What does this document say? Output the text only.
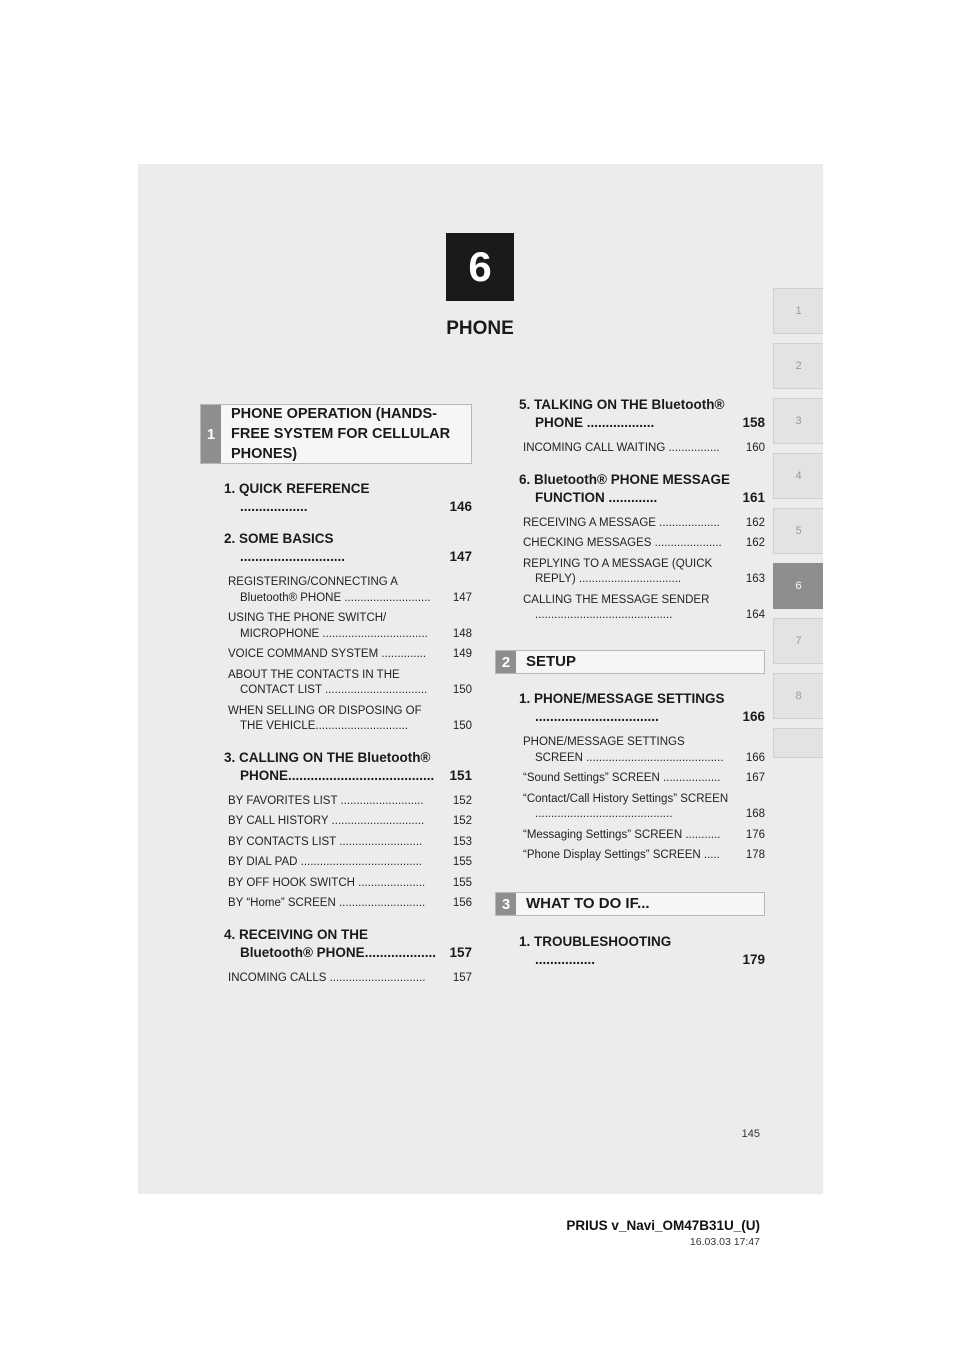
6
PHONE
1
2
3
4
5
6
7
8
1
PHONE OPERATION (HANDS-FREE SYSTEM FOR CELLULAR PHONES)
1. QUICK REFERENCE ..................	146
2. SOME BASICS ............................	147
REGISTERING/CONNECTING A Bluetooth® PHONE ........................... 147
USING THE PHONE SWITCH/ MICROPHONE ................................. 148
VOICE COMMAND SYSTEM .............. 149
ABOUT THE CONTACTS IN THE CONTACT LIST ................................ 150
WHEN SELLING OR DISPOSING OF THE VEHICLE.............................	150
3. CALLING ON THE Bluetooth® PHONE....................................... 151
BY FAVORITES LIST ..........................	152
BY CALL HISTORY ............................. 152
BY CONTACTS LIST ..........................	153
BY DIAL PAD ......................................	155
BY OFF HOOK SWITCH ..................... 155
BY “Home” SCREEN ........................... 156
4. RECEIVING ON THE Bluetooth® PHONE................... 157
INCOMING CALLS .............................. 157
5. TALKING ON THE Bluetooth® PHONE ..................	158
INCOMING CALL WAITING ................ 160
6. Bluetooth® PHONE MESSAGE FUNCTION .............	161
RECEIVING A MESSAGE ................... 162
CHECKING MESSAGES ..................... 162
REPLYING TO A MESSAGE (QUICK REPLY) ................................	163
CALLING THE MESSAGE SENDER ...........................................	164
2	SETUP
1. PHONE/MESSAGE SETTINGS .................................	166
PHONE/MESSAGE SETTINGS SCREEN ........................................... 166
“Sound Settings” SCREEN .................. 167
“Contact/Call History Settings” SCREEN ...........................................	168
“Messaging Settings” SCREEN ........... 176
“Phone Display Settings” SCREEN ..... 178
3	WHAT TO DO IF...
1. TROUBLESHOOTING ................	179
145
PRIUS v_Navi_OM47B31U_(U)
16.03.03 17:47
